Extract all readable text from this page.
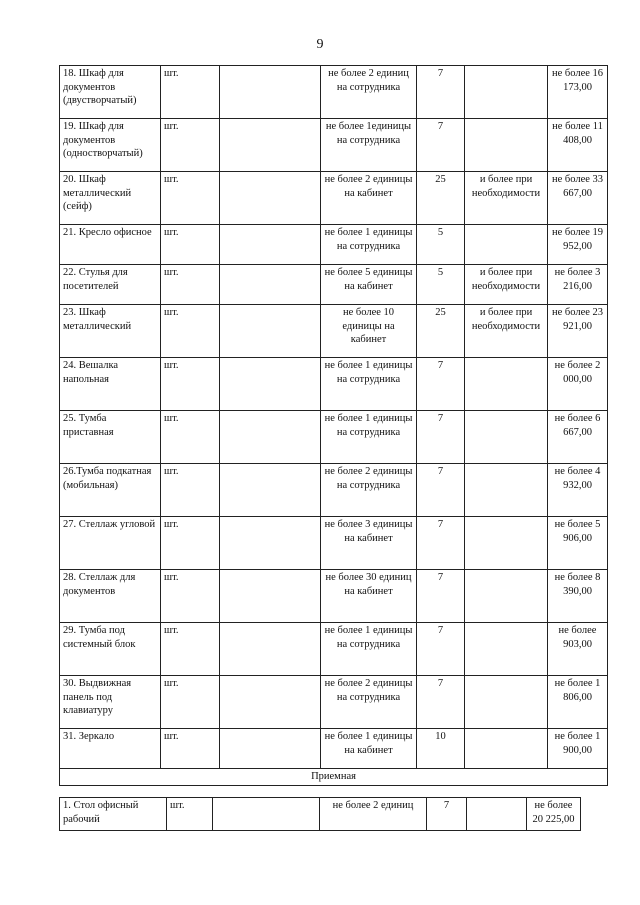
9
18. Шкаф для документов (двустворчатый)	шт.		не более 2 единиц на сотрудника	7		не более 16 173,00
19. Шкаф для документов (одностворчатый)	шт.		не более 1единицы на сотрудника	7		не более 11 408,00
20. Шкаф металлический (сейф)	шт.		не более 2 единицы на кабинет	25	и более при необходимости	не более 33 667,00
21. Кресло офисное	шт.		не более 1 единицы на сотрудника	5		не более 19 952,00
22. Стулья для посетителей	шт.		не более 5 единицы на кабинет	5	и более при необходимости	не более 3 216,00
23. Шкаф металлический	шт.		не более 10 единицы на кабинет	25	и более при необходимости	не более 23 921,00
24. Вешалка напольная	шт.		не более 1 единицы на сотрудника	7		не более 2 000,00
25. Тумба приставная	шт.		не более 1 единицы на сотрудника	7		не более 6 667,00
26.Тумба подкатная (мобильная)	шт.		не более 2 единицы на сотрудника	7		не более 4 932,00
27. Стеллаж угловой	шт.		не более 3 единицы на кабинет	7		не более 5 906,00
28. Стеллаж для документов	шт.		не более 30 единиц на кабинет	7		не более 8 390,00
29. Тумба под системный блок	шт.		не более 1 единицы на сотрудника	7		не более 903,00
30. Выдвижная панель под клавиатуру	шт.		не более 2 единицы на сотрудника	7		не более 1 806,00
31. Зеркало	шт.		не более 1 единицы на кабинет	10		не более 1 900,00
Приемная						
1. Стол офисный рабочий	шт.		не более 2 единиц	7		не более 20 225,00
